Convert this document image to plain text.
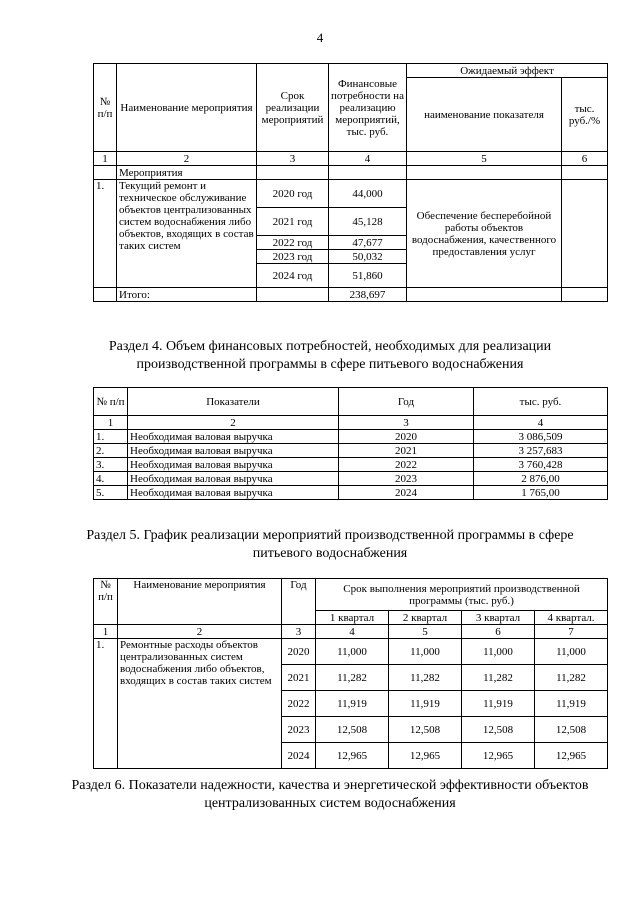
4
№ п/п	Наименование мероприятия	Срок реализации мероприятий	Финансовые потребности на реализацию мероприятий, тыс. руб.	Ожидаемый эффект	
				наименование показателя	тыс. руб./%
1	2	3	4	5	6
	Мероприятия				
1.	Текущий ремонт и техническое обслуживание объектов централизованных систем водоснабжения либо объектов, входящих в состав таких систем	2020 год	44,000	Обеспечение бесперебойной работы объектов водоснабжения, качественного предоставления услуг	
		2021 год	45,128		
		2022 год	47,677		
		2023 год	50,032		
		2024 год	51,860		
	Итого:		238,697		
Раздел 4. Объем финансовых потребностей, необходимых для реализации производственной программы в сфере питьевого водоснабжения
№ п/п	Показатели	Год	тыс. руб.
1	2	3	4
1.	Необходимая валовая выручка	2020	3 086,509
2.	Необходимая валовая выручка	2021	3 257,683
3.	Необходимая валовая выручка	2022	3 760,428
4.	Необходимая валовая выручка	2023	2 876,00
5.	Необходимая валовая выручка	2024	1 765,00
Раздел 5. График реализации мероприятий производственной программы в сфере питьевого водоснабжения
№ п/п	Наименование мероприятия	Год	Срок выполнения мероприятий производственной программы (тыс. руб.)			
			1 квартал	2 квартал	3 квартал	4 квартал.
1	2	3	4	5	6	7
1.	Ремонтные расходы объектов централизованных систем водоснабжения либо объектов, входящих в состав таких систем	2020	11,000	11,000	11,000	11,000
		2021	11,282	11,282	11,282	11,282
		2022	11,919	11,919	11,919	11,919
		2023	12,508	12,508	12,508	12,508
		2024	12,965	12,965	12,965	12,965
Раздел 6. Показатели надежности, качества и энергетической эффективности объектов централизованных систем водоснабжения
